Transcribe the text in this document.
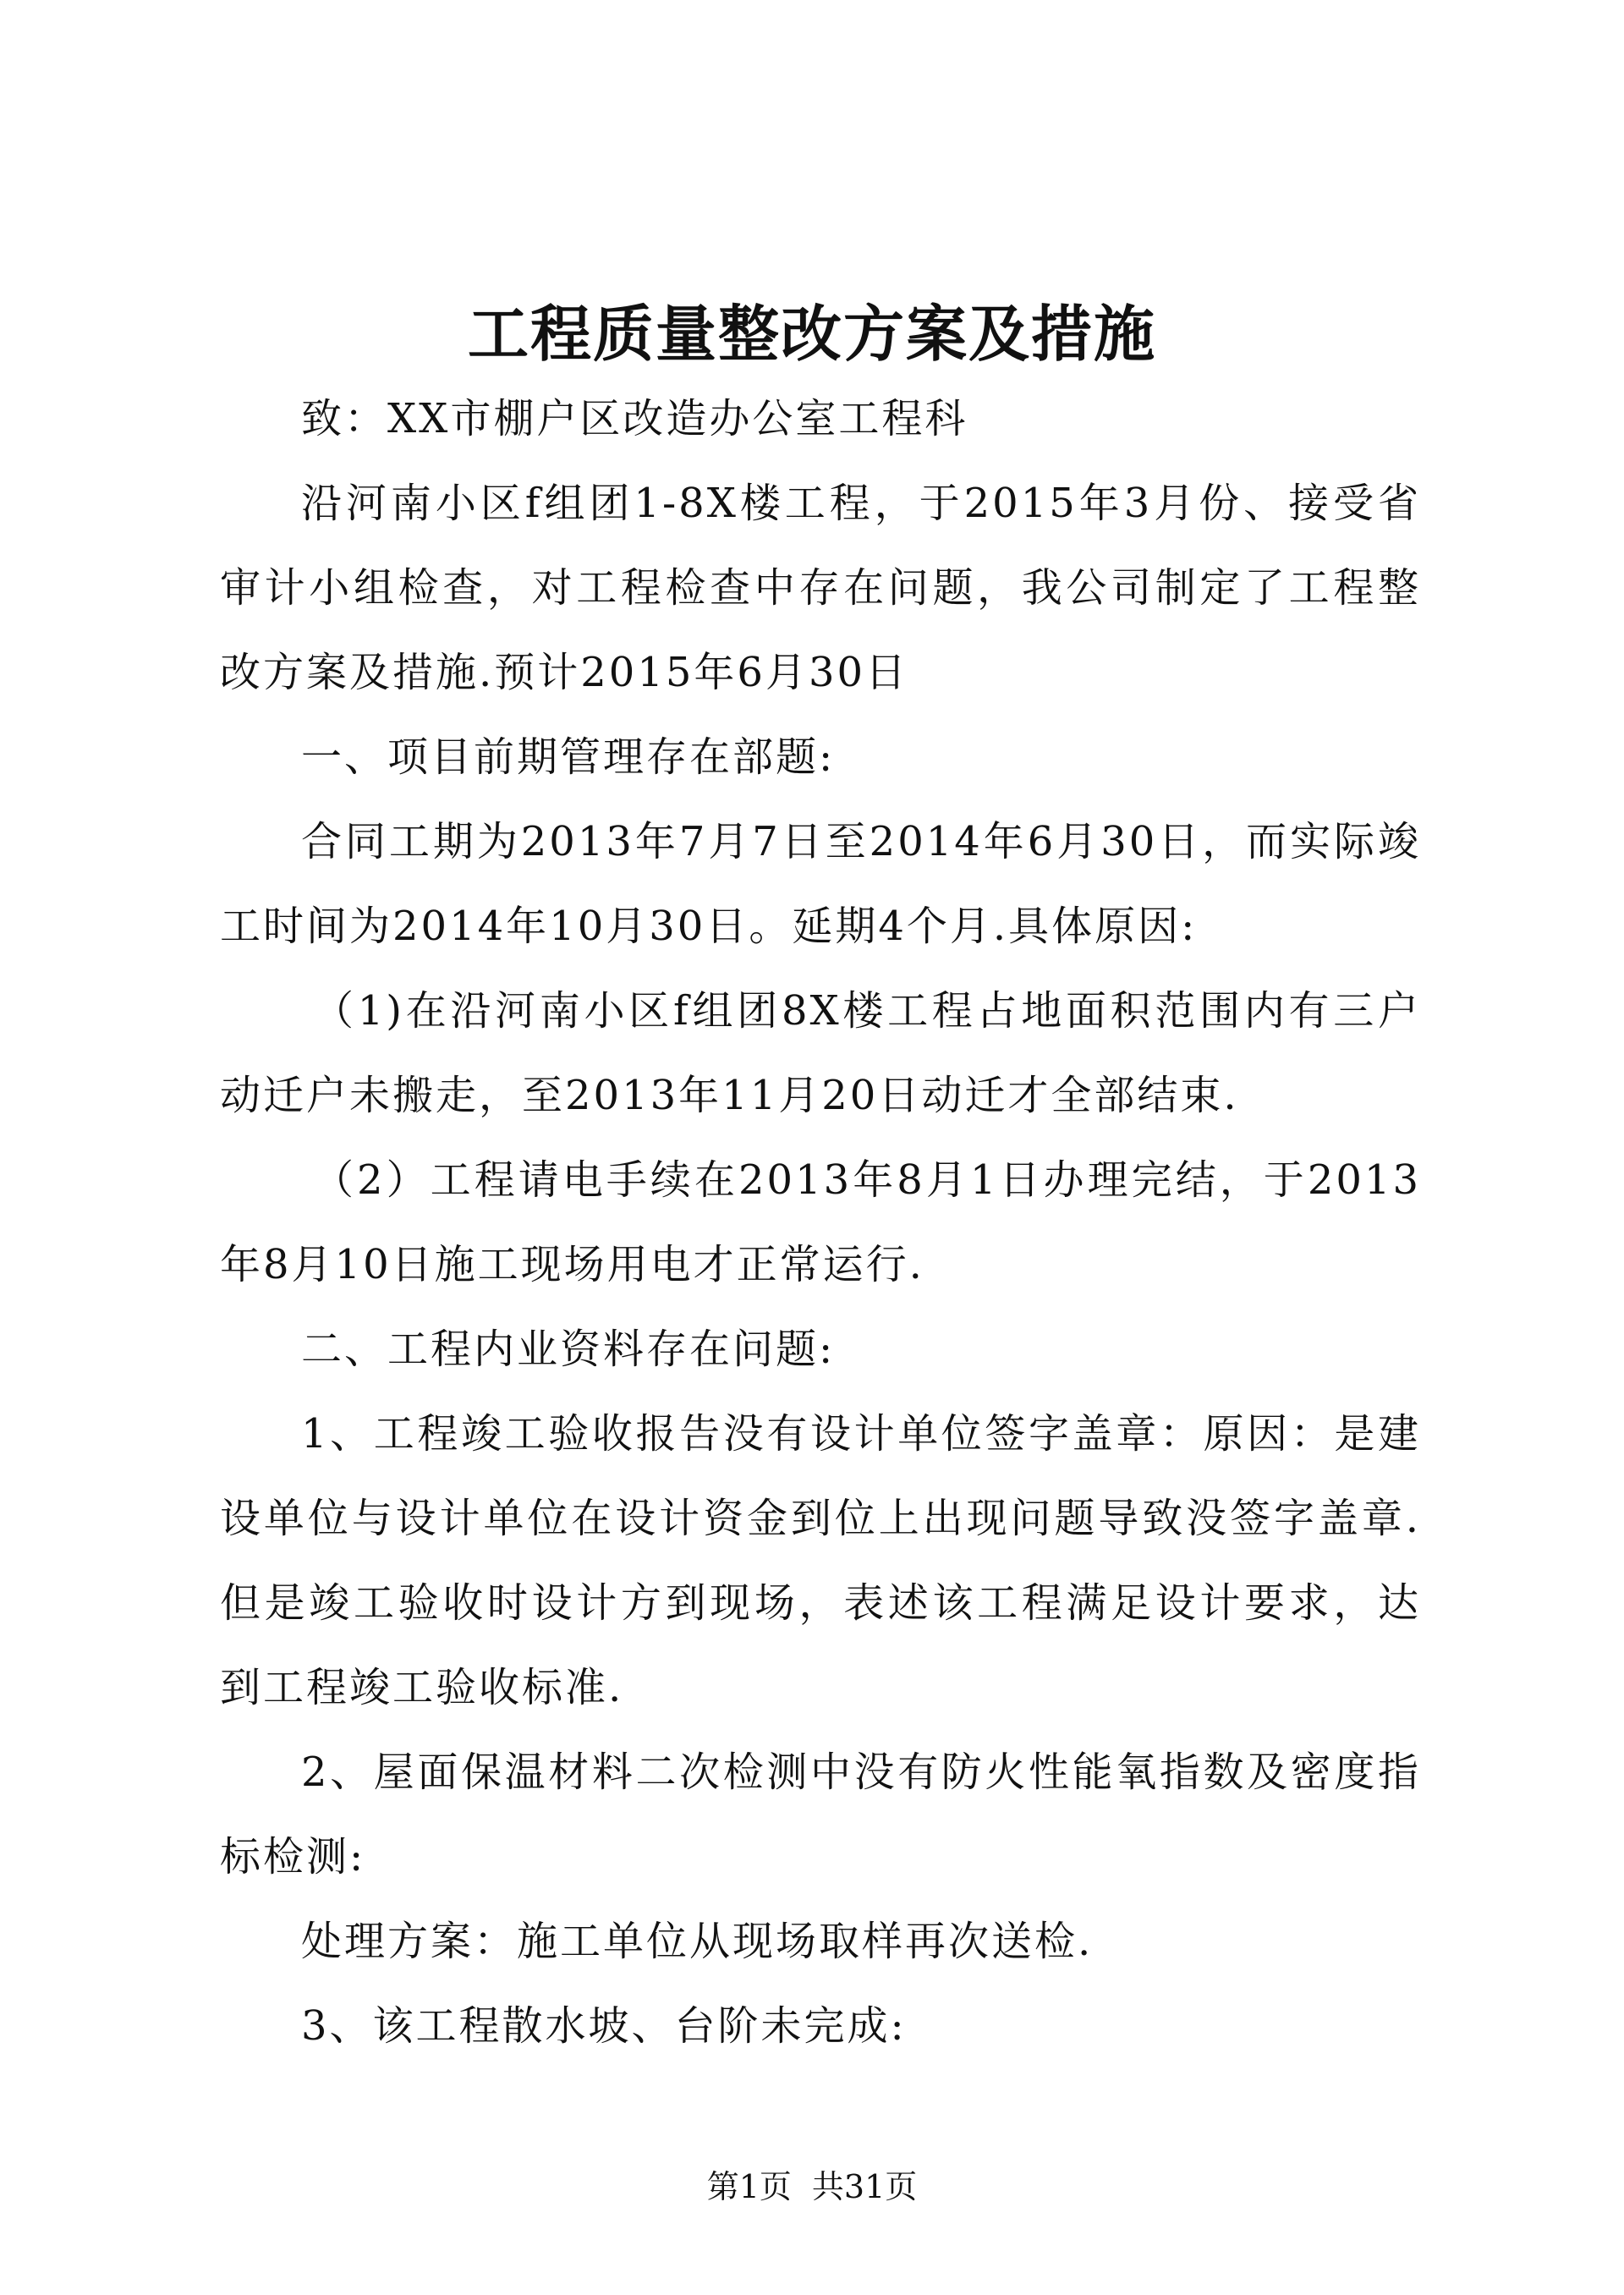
工程质量整改方案及措施

致：XX市棚户区改造办公室工程科

沿河南小区f组团1-8X楼工程，于2015年3月份、接受省审计小组检查，对工程检查中存在问题，我公司制定了工程整改方案及措施.预计2015年6月30日

一、项目前期管理存在部题:

合同工期为2013年7月7日至2014年6月30日，而实际竣工时间为2014年10月30日。延期4个月.具体原因:

（1)在沿河南小区f组团8X楼工程占地面积范围内有三户动迁户未搬走，至2013年11月20日动迁才全部结束.

（2）工程请电手续在2013年8月1日办理完结，于2013年8月10日施工现场用电才正常运行.

二、工程内业资料存在问题:

1、工程竣工验收报告没有设计单位签字盖章：原因：是建设单位与设计单位在设计资金到位上出现问题导致没签字盖章.但是竣工验收时设计方到现场，表述该工程满足设计要求，达到工程竣工验收标准.

2、屋面保温材料二次检测中没有防火性能氧指数及密度指标检测:

处理方案：施工单位从现场取样再次送检.

3、该工程散水坡、台阶未完成:

第1页 共31页
